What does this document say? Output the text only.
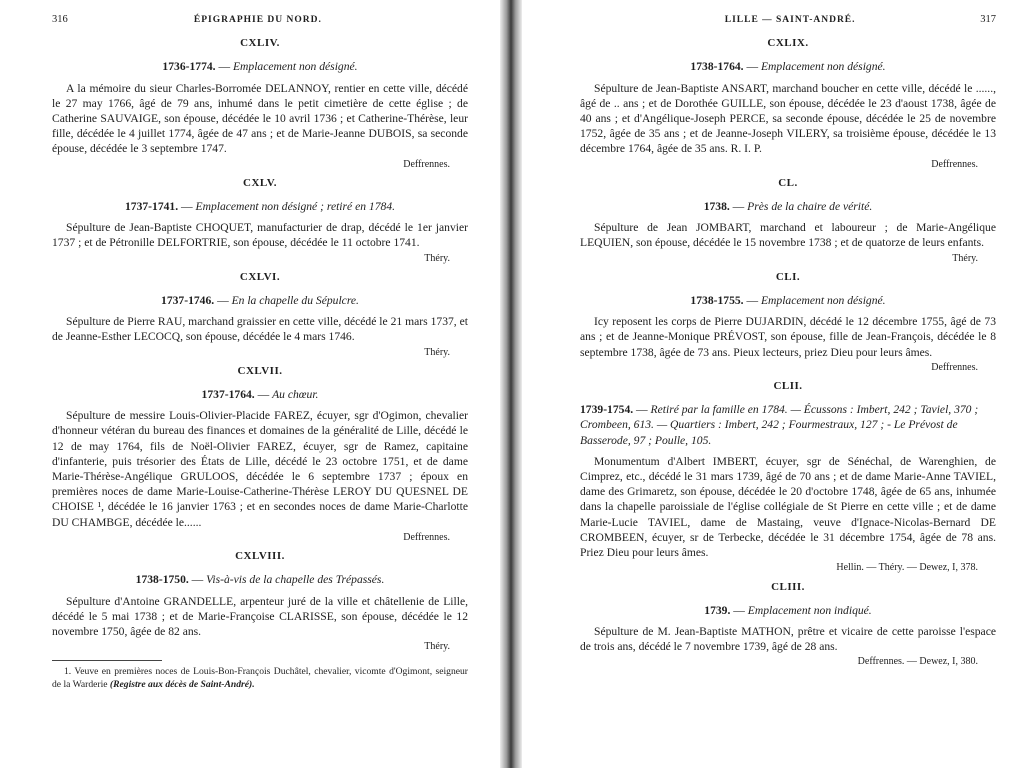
316	ÉPIGRAPHIE DU NORD.
CXLIV.
1736-1774. — Emplacement non désigné.

A la mémoire du sieur Charles-Borromée DELANNOY, rentier en cette ville, décédé le 27 may 1766, âgé de 79 ans, inhumé dans le petit cimetière de cette église ; de Catherine SAUVAIGE, son épouse, décédée le 10 avril 1736 ; et Catherine-Thérèse, leur fille, décédée le 4 juillet 1774, âgée de 47 ans ; et de Marie-Jeanne DUBOIS, sa seconde épouse, décédée le 3 septembre 1747.

Deffrennes.
CXLV.
1737-1741. — Emplacement non désigné ; retiré en 1784.

Sépulture de Jean-Baptiste CHOQUET, manufacturier de drap, décédé le 1er janvier 1737 ; et de Pétronille DELFORTRIE, son épouse, décédée le 11 octobre 1741.

Théry.
CXLVI.
1737-1746. — En la chapelle du Sépulcre.

Sépulture de Pierre RAU, marchand graissier en cette ville, décédé le 21 mars 1737, et de Jeanne-Esther LECOCQ, son épouse, décédée le 4 mars 1746.

Théry.
CXLVII.
1737-1764. — Au chœur.

Sépulture de messire Louis-Olivier-Placide FAREZ, écuyer, sgr d'Ogimon, chevalier d'honneur vétéran du bureau des finances et domaines de la généralité de Lille, décédé le 12 de may 1764, fils de Noël-Olivier FAREZ, écuyer, sgr de Ramez, capitaine d'infanterie, puis trésorier des États de Lille, décédé le 23 octobre 1751, et de dame Marie-Thérèse-Angélique GRULOOS, décédée le 6 septembre 1737 ; époux en premières noces de dame Marie-Louise-Catherine-Thérèse LEROY DU QUESNEL DE CHOISE ¹, décédée le 16 janvier 1763 ; et en secondes noces de dame Marie-Charlotte DU CHAMBGE, décédée le......

Deffrennes.
CXLVIII.
1738-1750. — Vis-à-vis de la chapelle des Trépassés.

Sépulture d'Antoine GRANDELLE, arpenteur juré de la ville et châtellenie de Lille, décédé le 5 mai 1738 ; et de Marie-Françoise CLARISSE, son épouse, décédée le 12 novembre 1750, âgée de 82 ans.

Théry.
1. Veuve en premières noces de Louis-Bon-François Duchâtel, chevalier, vicomte d'Ogimont, seigneur de la Warderie (Registre aux décès de Saint-André).
LILLE — SAINT-ANDRÉ.	317
CXLIX.
1738-1764. — Emplacement non désigné.

Sépulture de Jean-Baptiste ANSART, marchand boucher en cette ville, décédé le ......, âgé de .. ans ; et de Dorothée GUILLE, son épouse, décédée le 23 d'aoust 1738, âgée de 40 ans ; et d'Angélique-Joseph PERCE, sa seconde épouse, décédée le 25 de novembre 1752, âgée de 35 ans ; et de Jeanne-Joseph VILERY, sa troisième épouse, décédée le 13 décembre 1764, âgée de 35 ans. R. I. P.

Deffrennes.
CL.
1738. — Près de la chaire de vérité.

Sépulture de Jean JOMBART, marchand et laboureur ; de Marie-Angélique LEQUIEN, son épouse, décédée le 15 novembre 1738 ; et de quatorze de leurs enfants.

Théry.
CLI.
1738-1755. — Emplacement non désigné.

Icy reposent les corps de Pierre DUJARDIN, décédé le 12 décembre 1755, âgé de 73 ans ; et de Jeanne-Monique PRÉVOST, son épouse, fille de Jean-François, décédée le 8 septembre 1738, âgée de 73 ans. Pieux lecteurs, priez Dieu pour leurs âmes.

Deffrennes.
CLII.
1739-1754. — Retiré par la famille en 1784. — Écussons : Imbert, 242 ; Taviel, 370 ; Crombeen, 613. — Quartiers : Imbert, 242 ; Fourmestraux, 127 ; - Le Prévost de Basserode, 97 ; Poulle, 105.

Monumentum d'Albert IMBERT, écuyer, sgr de Sénéchal, de Warenghien, de Cimprez, etc., décédé le 31 mars 1739, âgé de 70 ans ; et de dame Marie-Anne TAVIEL, dame des Grimaretz, son épouse, décédée le 20 d'octobre 1748, âgée de 65 ans, inhumée dans la chapelle paroissiale de l'église collégiale de St Pierre en cette ville ; et de dame Marie-Lucie TAVIEL, dame de Mastaing, veuve d'Ignace-Nicolas-Bernard DE CROMBEEN, écuyer, sr de Terbecke, décédée le 31 décembre 1754, âgée de 78 ans. Priez Dieu pour leurs âmes.

Hellin. — Théry. — Dewez, I, 378.
CLIII.
1739. — Emplacement non indiqué.

Sépulture de M. Jean-Baptiste MATHON, prêtre et vicaire de cette paroisse l'espace de trois ans, décédé le 7 novembre 1739, âgé de 28 ans.

Deffrennes. — Dewez, I, 380.
